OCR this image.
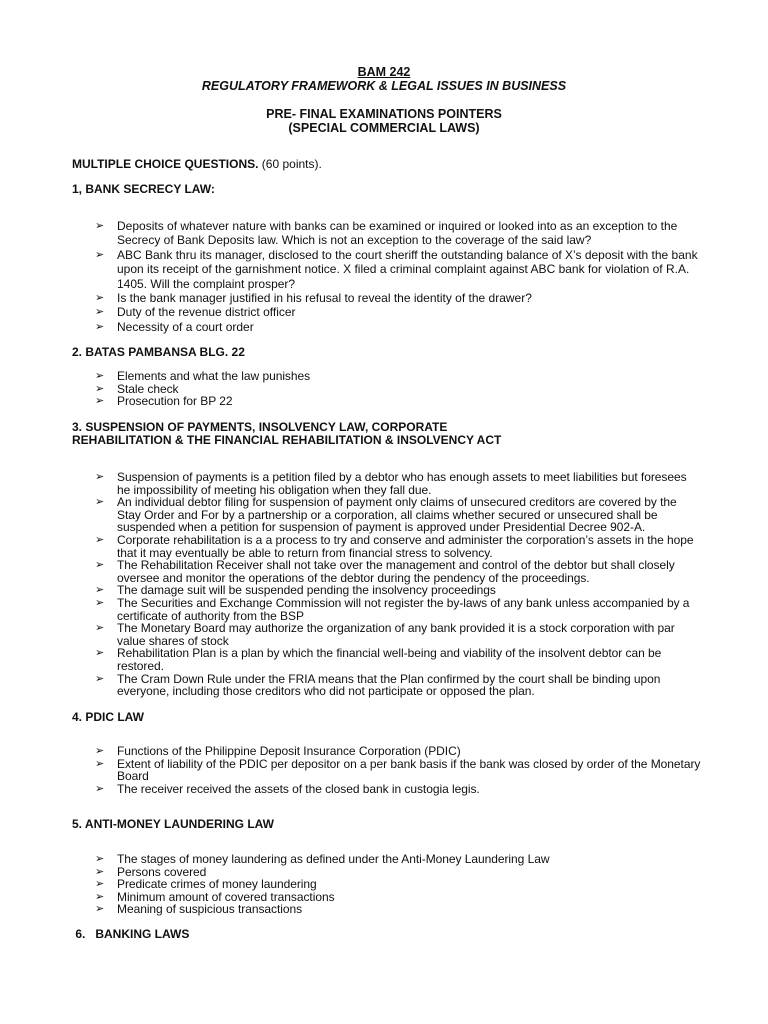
BAM 242
REGULATORY FRAMEWORK & LEGAL ISSUES IN BUSINESS
PRE- FINAL EXAMINATIONS POINTERS
(SPECIAL COMMERCIAL LAWS)
MULTIPLE CHOICE QUESTIONS. (60 points).
1, BANK SECRECY LAW:
➢ Deposits of whatever nature with banks can be examined or inquired or looked into as an exception to the Secrecy of Bank Deposits law. Which is not an exception to the coverage of the said law?
➢ ABC Bank thru its manager, disclosed to the court sheriff the outstanding balance of X’s deposit with the bank upon its receipt of the garnishment notice. X filed a criminal complaint against ABC bank for violation of R.A. 1405. Will the complaint prosper?
➢ Is the bank manager justified in his refusal to reveal the identity of the drawer?
➢ Duty of the revenue district officer
➢ Necessity of a court order
2. BATAS PAMBANSA BLG. 22
➢ Elements and what the law punishes
➢ Stale check
➢ Prosecution for BP 22
3. SUSPENSION OF PAYMENTS, INSOLVENCY LAW, CORPORATE REHABILITATION & THE FINANCIAL REHABILITATION & INSOLVENCY ACT
➢ Suspension of payments is a petition filed by a debtor who has enough assets to meet liabilities but foresees he impossibility of meeting his obligation when they fall due.
➢ An individual debtor filing for suspension of payment only claims of unsecured creditors are covered by the Stay Order and For by a partnership or a corporation, all claims whether secured or unsecured shall be suspended when a petition for suspension of payment is approved under Presidential Decree 902-A.
➢ Corporate rehabilitation is a a process to try and conserve and administer the corporation’s assets in the hope that it may eventually be able to return from financial stress to solvency.
➢ The Rehabilitation Receiver shall not take over the management and control of the debtor but shall closely oversee and monitor the operations of the debtor during the pendency of the proceedings.
➢ The damage suit will be suspended pending the insolvency proceedings
➢ The Securities and Exchange Commission will not register the by-laws of any bank unless accompanied by a certificate of authority from the BSP
➢ The Monetary Board may authorize the organization of any bank provided it is a stock corporation with par value shares of stock
➢ Rehabilitation Plan is a plan by which the financial well-being and viability of the insolvent debtor can be restored.
➢ The Cram Down Rule under the FRIA means that the Plan confirmed by the court shall be binding upon everyone, including those creditors who did not participate or opposed the plan.
4. PDIC LAW
➢ Functions of the Philippine Deposit Insurance Corporation (PDIC)
➢ Extent of liability of the PDIC per depositor on a per bank basis if the bank was closed by order of the Monetary Board
➢ The receiver received the assets of the closed bank in custogia legis.
5. ANTI-MONEY LAUNDERING LAW
➢ The stages of money laundering as defined under the Anti-Money Laundering Law
➢ Persons covered
➢ Predicate crimes of money laundering
➢ Minimum amount of covered transactions
➢ Meaning of suspicious transactions
6.   BANKING LAWS
